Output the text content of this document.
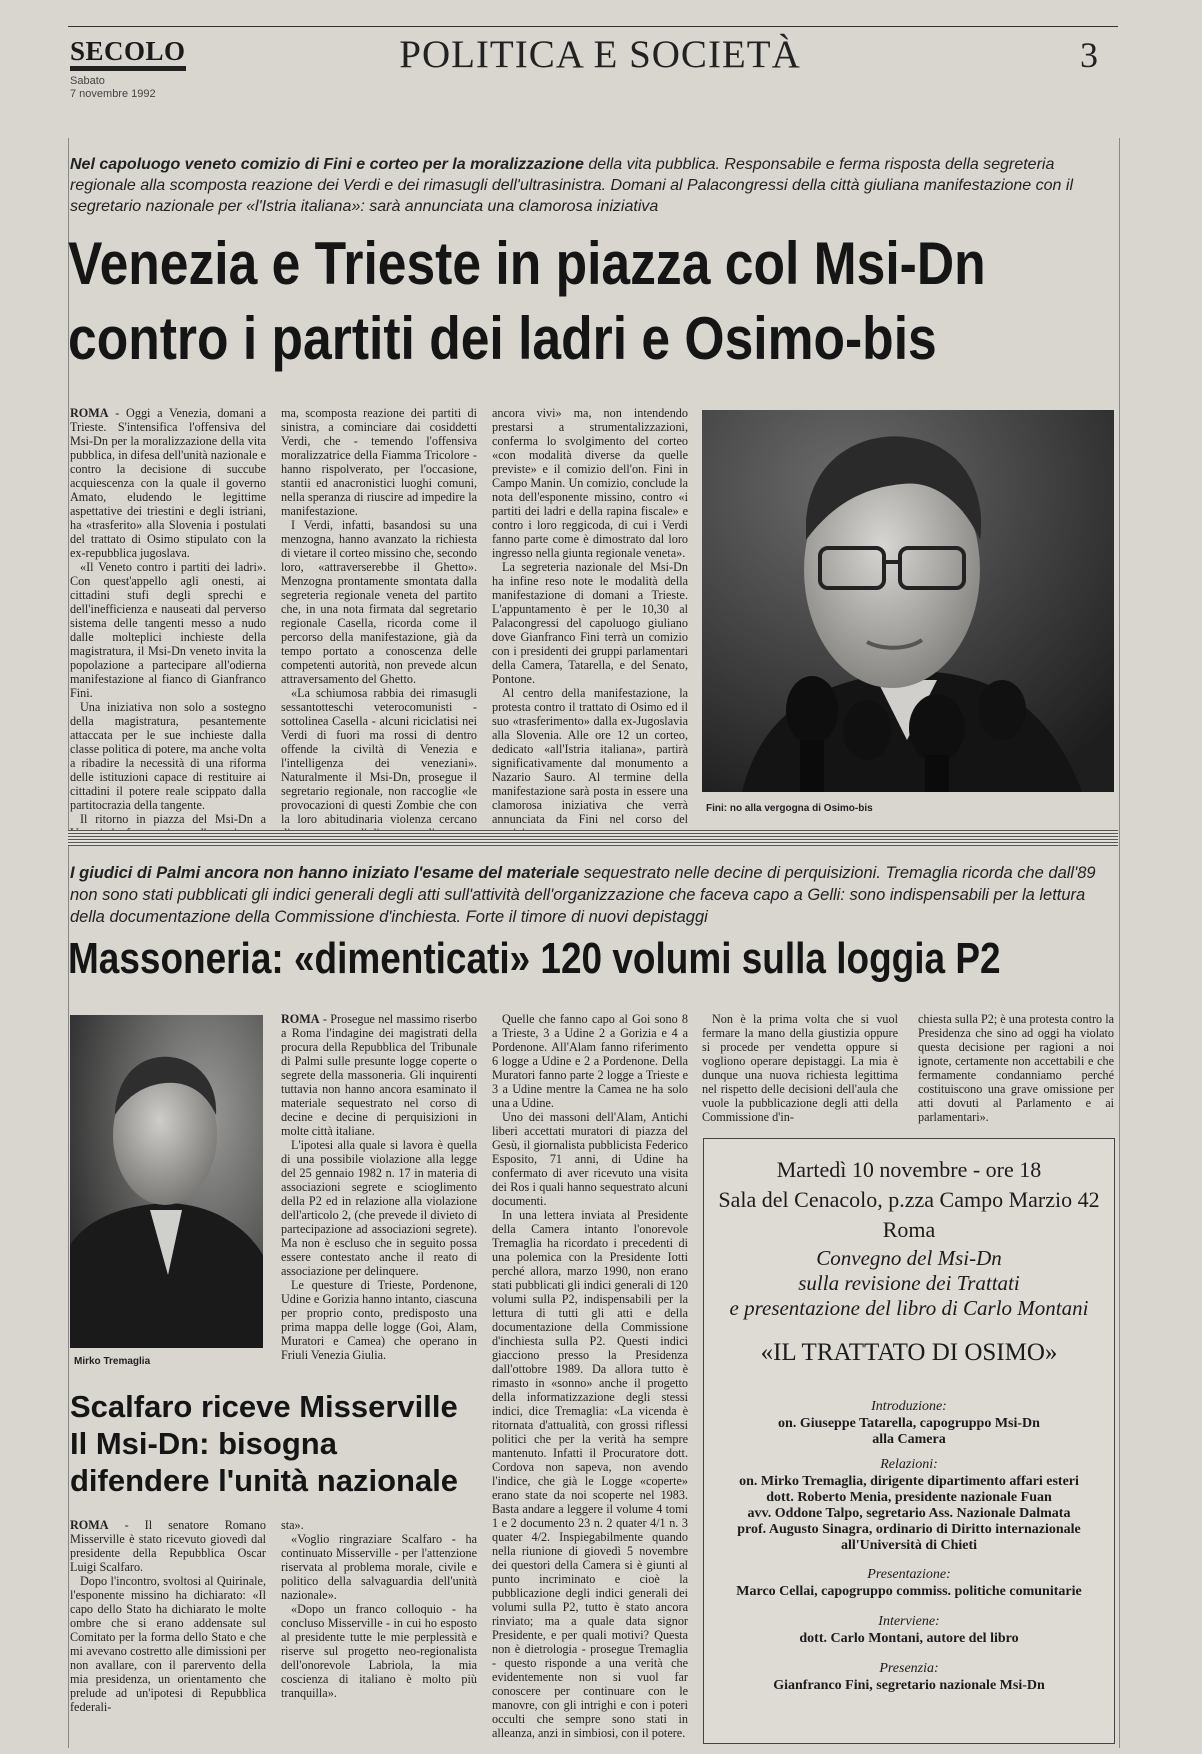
SECOLO
Sabato
7 novembre 1992
POLITICA E SOCIETÀ	3

Nel capoluogo veneto comizio di Fini e corteo per la moralizzazione della vita pubblica. Responsabile e ferma risposta della segreteria regionale alla scomposta reazione dei Verdi e dei rimasugli dell'ultrasinistra. Domani al Palacongressi della città giuliana manifestazione con il segretario nazionale per «l'Istria italiana»: sarà annunciata una clamorosa iniziativa

Venezia e Trieste in piazza col Msi-Dn
contro i partiti dei ladri e Osimo-bis

ROMA - Oggi a Venezia, domani a Trieste. S'intensifica l'offensiva del Msi-Dn per la moralizzazione della vita pubblica, in difesa dell'unità nazionale e contro la decisione di succube acquiescenza con la quale il governo Amato, eludendo le legittime aspettative dei triestini e degli istriani, ha «trasferito» alla Slovenia i postulati del trattato di Osimo stipulato con la ex-repubblica jugoslava.

«Il Veneto contro i partiti dei ladri». Con quest'appello agli onesti, ai cittadini stufi degli sprechi e dell'inefficienza e nauseati dal perverso sistema delle tangenti messo a nudo dalle molteplici inchieste della magistratura, il Msi-Dn veneto invita la popolazione a partecipare all'odierna manifestazione al fianco di Gianfranco Fini.

Una iniziativa non solo a sostegno della magistratura, pesantemente attaccata per le sue inchieste dalla classe politica di potere, ma anche volta a ribadire la necessità di una riforma delle istituzioni capace di restituire ai cittadini il potere reale scippato dalla partitocrazia della tangente.

Il ritorno in piazza del Msi-Dn a

ma, scomposta reazione dei partiti di sinistra, a cominciare dai cosiddetti Verdi, che - temendo l'offensiva moralizzatrice della Fiamma Tricolore - hanno rispolverato, per l'occasione, stantii ed anacronistici luoghi comuni, nella speranza di riuscire ad impedire la manifestazione.

I Verdi, infatti, basandosi su una menzogna, hanno avanzato la richiesta di vietare il corteo missino che, secondo loro, «attraverserebbe il Ghetto». Menzogna prontamente smontata dalla segreteria regionale veneta del partito che, in una nota firmata dal segretario regionale Casella, ricorda come il percorso della manifestazione, già da tempo portato a conoscenza delle competenti autorità, non prevede alcun attraversamento del Ghetto.

«La schiumosa rabbia dei rimasugli sessantotteschi veterocomunisti - sottolinea Casella - alcuni riciclatisi nei Verdi di fuori ma rossi di dentro offende la civiltà di Venezia e l'intelligenza dei veneziani». Naturalmente il Msi-Dn, prosegue il segretario regionale, non raccoglie «le provocazioni di questi Zombie che con la loro abitudinaria violenza cercano

ancora vivi» ma, non intendendo prestarsi a strumentalizzazioni, conferma lo svolgimento del corteo «con modalità diverse da quelle previste» e il comizio dell'on. Fini in Campo Manin. Un comizio, conclude la nota dell'esponente missino, contro «i partiti dei ladri e della rapina fiscale» e contro i loro reggicoda, di cui i Verdi fanno parte come è dimostrato dal loro ingresso nella giunta regionale veneta».

La segreteria nazionale del Msi-Dn ha infine reso note le modalità della manifestazione di domani a Trieste. L'appuntamento è per le 10,30 al Palacongressi del capoluogo giuliano dove Gianfranco Fini terrà un comizio con i presidenti dei gruppi parlamentari della Camera, Tatarella, e del Senato, Pontone.

Al centro della manifestazione, la protesta contro il trattato di Osimo ed il suo «trasferimento» dalla ex-Jugoslavia alla Slovenia. Alle ore 12 un corteo, dedicato «all'Istria italiana», partirà significativamente dal monumento a Nazario Sauro. Al termine della manifestazione sarà posta in essere una clamorosa iniziativa che verrà annunciata da Fini nel corso del

Fini: no alla vergogna di Osimo-bis

I giudici di Palmi ancora non hanno iniziato l'esame del materiale sequestrato nelle decine di perquisizioni. Tremaglia ricorda che dall'89 non sono stati pubblicati gli indici generali degli atti sull'attività dell'organizzazione che faceva capo a Gelli: sono indispensabili per la lettura della documentazione della Commissione d'inchiesta. Forte il timore di nuovi depistaggi

Massoneria: «dimenticati» 120 volumi sulla loggia P2
Mirko Tremaglia

ROMA - Prosegue nel massimo riserbo a Roma l'indagine dei magistrati della procura della Repubblica del Tribunale di Palmi sulle presunte logge coperte o segrete della massoneria. Gli inquirenti tuttavia non hanno ancora esaminato il materiale sequestrato nel corso di decine e decine di perquisizioni in molte città italiane.

L'ipotesi alla quale si lavora è quella di una possibile violazione alla legge del 25 gennaio 1982 n. 17 in materia di associazioni segrete e scioglimento della P2 ed in relazione alla violazione dell'articolo 2, (che prevede il divieto di partecipazione ad associazioni segrete). Ma non è escluso che in seguito possa essere contestato anche il reato di associazione per delinquere.

Le questure di Trieste, Pordenone, Udine e Gorizia hanno intanto, ciascuna per proprio conto, predisposto una prima mappa delle logge (Goi, Alam, Muratori e Camea) che operano in Friuli Venezia Giulia.

Quelle che fanno capo al Goi sono 8 a Trieste, 3 a Udine 2 a Gorizia e 4 a Pordenone. All'Alam fanno riferimento 6 logge a Udine e 2 a Pordenone. Della Muratori fanno parte 2 logge a Trieste e 3 a Udine mentre la Camea ne ha solo una a Udine.

Uno dei massoni dell'Alam, Antichi liberi accettati muratori di piazza del Gesù, il giornalista pubblicista Federico Esposito, 71 anni, di Udine ha confermato di aver ricevuto una visita dei Ros i quali hanno sequestrato alcuni documenti.

In una lettera inviata al Presidente della Camera intanto l'onorevole Tremaglia ha ricordato i precedenti di una polemica con la Presidente Iotti perché allora, marzo 1990, non erano stati pubblicati gli indici generali di 120 volumi sulla P2, indispensabili per la lettura di tutti gli atti e della documentazione della Commissione d'inchiesta sulla P2. Questi indici giacciono presso la Presidenza dall'ottobre 1989. Da allora tutto è rimasto in «sonno» anche il progetto della informatizzazione degli stessi indici, dice Tremaglia: «La vicenda è ritornata d'attualità, con grossi riflessi politici che per la verità ha sempre mantenuto. Infatti il Procuratore dott. Cordova non sapeva, non avendo l'indice, che già le Logge «coperte» erano state da noi scoperte nel 1983. Basta andare a leggere il volume 4 tomi 1 e 2 documento 23 n. 2 quater 4/1 n. 3 quater 4/2. Inspiegabilmente quando nella riunione di giovedì 5 novembre dei questori della Camera si è giunti al punto incriminato e cioè la pubblicazione degli indici generali dei volumi sulla P2, tutto è stato ancora rinviato; ma a quale data signor Presidente, e per quali motivi? Questa non è dietrologia - prosegue Tremaglia - questo risponde a una verità che evidentemente non si vuol far conoscere per continuare con le manovre, con gli intrighi e con i poteri occulti che sempre sono stati in alleanza, anzi in simbiosi, con il potere.

Non è la prima volta che si vuol fermare la mano della giustizia oppure si procede per vendetta oppure si vogliono operare depistaggi. La mia è dunque una nuova richiesta legittima nel rispetto delle decisioni dell'aula che vuole la pubblicazione degli atti della Commissione d'in-

chiesta sulla P2; è una protesta contro la Presidenza che sino ad oggi ha violato questa decisione per ragioni a noi ignote, certamente non accettabili e che fermamente condanniamo perché costituiscono una grave omissione per atti dovuti al Parlamento e ai parlamentari».

Scalfaro riceve Misserville
Il Msi-Dn: bisogna
difendere l'unità nazionale

ROMA - Il senatore Romano Misserville è stato ricevuto giovedì dal presidente della Repubblica Oscar Luigi Scalfaro.

Dopo l'incontro, svoltosi al Quirinale, l'esponente missino ha dichiarato: «Il capo dello Stato ha dichiarato le molte ombre che si erano addensate sul Comitato per la forma dello Stato e che mi avevano costretto alle dimissioni per non avallare, con il parervento della mia presidenza, un orientamento che prelude ad un'ipotesi di Repubblica federali-

sta».

«Voglio ringraziare Scalfaro - ha continuato Misserville - per l'attenzione riservata al problema morale, civile e politico della salvaguardia dell'unità nazionale».

«Dopo un franco colloquio - ha concluso Misserville - in cui ho esposto al presidente tutte le mie perplessità e riserve sul progetto neo-regionalista dell'onorevole Labriola, la mia coscienza di italiano è molto più tranquilla».

Martedì 10 novembre - ore 18

Sala del Cenacolo, p.zza Campo Marzio 42

Roma

Convegno del Msi-Dn

sulla revisione dei Trattati

e presentazione del libro di Carlo Montani

«IL TRATTATO DI OSIMO»

Introduzione:

on. Giuseppe Tatarella, capogruppo Msi-Dn

alla Camera

Relazioni:

on. Mirko Tremaglia, dirigente dipartimento affari esteri

dott. Roberto Menia, presidente nazionale Fuan

avv. Oddone Talpo, segretario Ass. Nazionale Dalmata

prof. Augusto Sinagra, ordinario di Diritto internazionale

all'Università di Chieti

Presentazione:

Marco Cellai, capogruppo commiss. politiche comunitarie

Interviene:

dott. Carlo Montani, autore del libro

Presenzia:

Gianfranco Fini, segretario nazionale Msi-Dn
